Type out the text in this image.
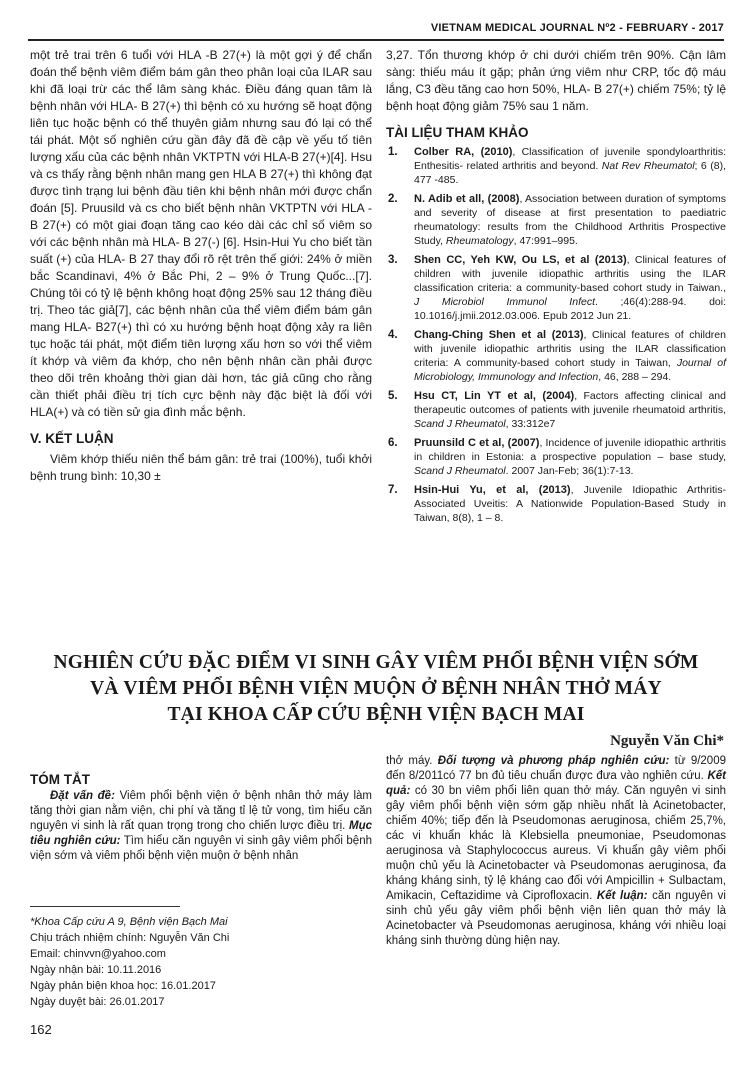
VIETNAM MEDICAL JOURNAL Nº2 - FEBRUARY - 2017

một trẻ trai trên 6 tuổi với HLA -B 27(+) là một gợi ý để chẩn đoán thể bệnh viêm điểm bám gân theo phân loại của ILAR sau khi đã loại trừ các thể lâm sàng khác. Điều đáng quan tâm là bệnh nhân với HLA- B 27(+) thì bệnh có xu hướng sẽ hoạt động liên tục hoặc bệnh có thể thuyên giảm nhưng sau đó lại có thể tái phát. Một số nghiên cứu gần đây đã đề cập về yếu tố tiên lượng xấu của các bệnh nhân VKTPTN với HLA-B 27(+)[4]. Hsu và cs thấy rằng bệnh nhân mang gen HLA B 27(+) thì không đạt được tình trạng lui bệnh đầu tiên khi bệnh nhân mới được chẩn đoán [5]. Pruusild và cs cho biết bệnh nhân VKTPTN với HLA - B 27(+) có một giai đoạn tăng cao kéo dài các chỉ số viêm so với các bệnh nhân mà HLA- B 27(-) [6]. Hsin-Hui Yu cho biết tần suất (+) của HLA- B 27 thay đổi rõ rệt trên thế giới: 24% ở miền bắc Scandinavi, 4% ở Bắc Phi, 2 – 9% ở Trung Quốc...[7]. Chúng tôi có tỷ lệ bệnh không hoạt động 25% sau 12 tháng điều trị. Theo tác giả[7], các bệnh nhân của thể viêm điểm bám gân mang HLA- B27(+) thì có xu hướng bệnh hoạt động xảy ra liên tục hoặc tái phát, một điểm tiên lượng xấu hơn so với thể viêm ít khớp và viêm đa khớp, cho nên bệnh nhân cần phải được theo dõi trên khoảng thời gian dài hơn, tác giả cũng cho rằng cần thiết phải điều trị tích cực bệnh này đặc biệt là đối với HLA(+) và có tiền sử gia đình mắc bệnh.

V. KẾT LUẬN

Viêm khớp thiếu niên thể bám gân: trẻ trai (100%), tuổi khởi bệnh trung bình: 10,30 ±

3,27. Tổn thương khớp ở chi dưới chiếm trên 90%. Cận lâm sàng: thiếu máu ít gặp; phản ứng viêm như CRP, tốc độ máu lắng, C3 đều tăng cao hơn 50%, HLA- B 27(+) chiếm 75%; tỷ lệ bệnh hoạt động giảm 75% sau 1 năm.

TÀI LIỆU THAM KHẢO
1. Colber RA, (2010), Classification of juvenile spondyloarthritis: Enthesitis- related arthritis and beyond. Nat Rev Rheumatol; 6 (8), 477 -485.
2. N. Adib et all, (2008), Association between duration of symptoms and severity of disease at first presentation to paediatric rheumatology: results from the Childhood Arthritis Prospective Study, Rheumatology, 47:991–995.
3. Shen CC, Yeh KW, Ou LS, et al (2013), Clinical features of children with juvenile idiopathic arthritis using the ILAR classification criteria: a community-based cohort study in Taiwan., J Microbiol Immunol Infect. ;46(4):288-94. doi: 10.1016/j.jmii.2012.03.006. Epub 2012 Jun 21.
4. Chang-Ching Shen et al (2013), Clinical features of children with juvenile idiopathic arthritis using the ILAR classification criteria: A community-based cohort study in Taiwan, Journal of Microbiology, Immunology and Infection, 46, 288 – 294.
5. Hsu CT, Lin YT et al, (2004), Factors affecting clinical and therapeutic outcomes of patients with juvenile rheumatoid arthritis, Scand J Rheumatol, 33:312e7
6. Pruunsild C et al, (2007), Incidence of juvenile idiopathic arthritis in children in Estonia: a prospective population – base study, Scand J Rheumatol. 2007 Jan-Feb; 36(1):7-13.
7. Hsin-Hui Yu, et al, (2013), Juvenile Idiopathic Arthritis-Associated Uveitis: A Nationwide Population-Based Study in Taiwan, 8(8), 1 – 8.
NGHIÊN CỨU ĐẶC ĐIỂM VI SINH GÂY VIÊM PHỔI BỆNH VIỆN SỚM
VÀ VIÊM PHỔI BỆNH VIỆN MUỘN Ở BỆNH NHÂN THỞ MÁY
TẠI KHOA CẤP CỨU BỆNH VIỆN BẠCH MAI
Nguyễn Văn Chi*
TÓM TẮT

Đặt vấn đề: Viêm phổi bệnh viện ở bệnh nhân thở máy làm tăng thời gian nằm viện, chi phí và tăng tỉ lệ tử vong, tìm hiểu căn nguyên vi sinh là rất quan trọng trong cho chiến lược điều trị. Mục tiêu nghiên cứu: Tìm hiểu căn nguyên vi sinh gây viêm phổi bệnh viện sớm và viêm phổi bệnh viện muộn ở bệnh nhân

thở máy. Đối tượng và phương pháp nghiên cứu: từ 9/2009 đến 8/2011có 77 bn đủ tiêu chuẩn được đưa vào nghiên cứu. Kết quả: có 30 bn viêm phổi liên quan thở máy. Căn nguyên vi sinh gây viêm phổi bệnh viện sớm gặp nhiều nhất là Acinetobacter, chiếm 40%; tiếp đến là Pseudomonas aeruginosa, chiếm 25,7%, các vi khuẩn khác là Klebsiella pneumoniae, Pseudomonas aeruginosa và Staphylococcus aureus. Vi khuẩn gây viêm phổi muộn chủ yếu là Acinetobacter và Pseudomonas aeruginosa, đa kháng kháng sinh, tỷ lệ kháng cao đối với Ampicillin + Sulbactam, Amikacin, Ceftazidime và Ciprofloxacin. Kết luận: căn nguyên vi sinh chủ yếu gây viêm phổi bệnh viện liên quan thở máy là Acinetobacter và Pseudomonas aeruginosa, kháng với nhiều loại kháng sinh thường dùng hiện nay.

*Khoa Cấp cứu A 9, Bệnh viện Bạch Mai
Chịu trách nhiệm chính: Nguyễn Văn Chi
Email: chinvvn@yahoo.com
Ngày nhận bài: 10.11.2016
Ngày phản biện khoa học: 16.01.2017
Ngày duyệt bài: 26.01.2017
162
